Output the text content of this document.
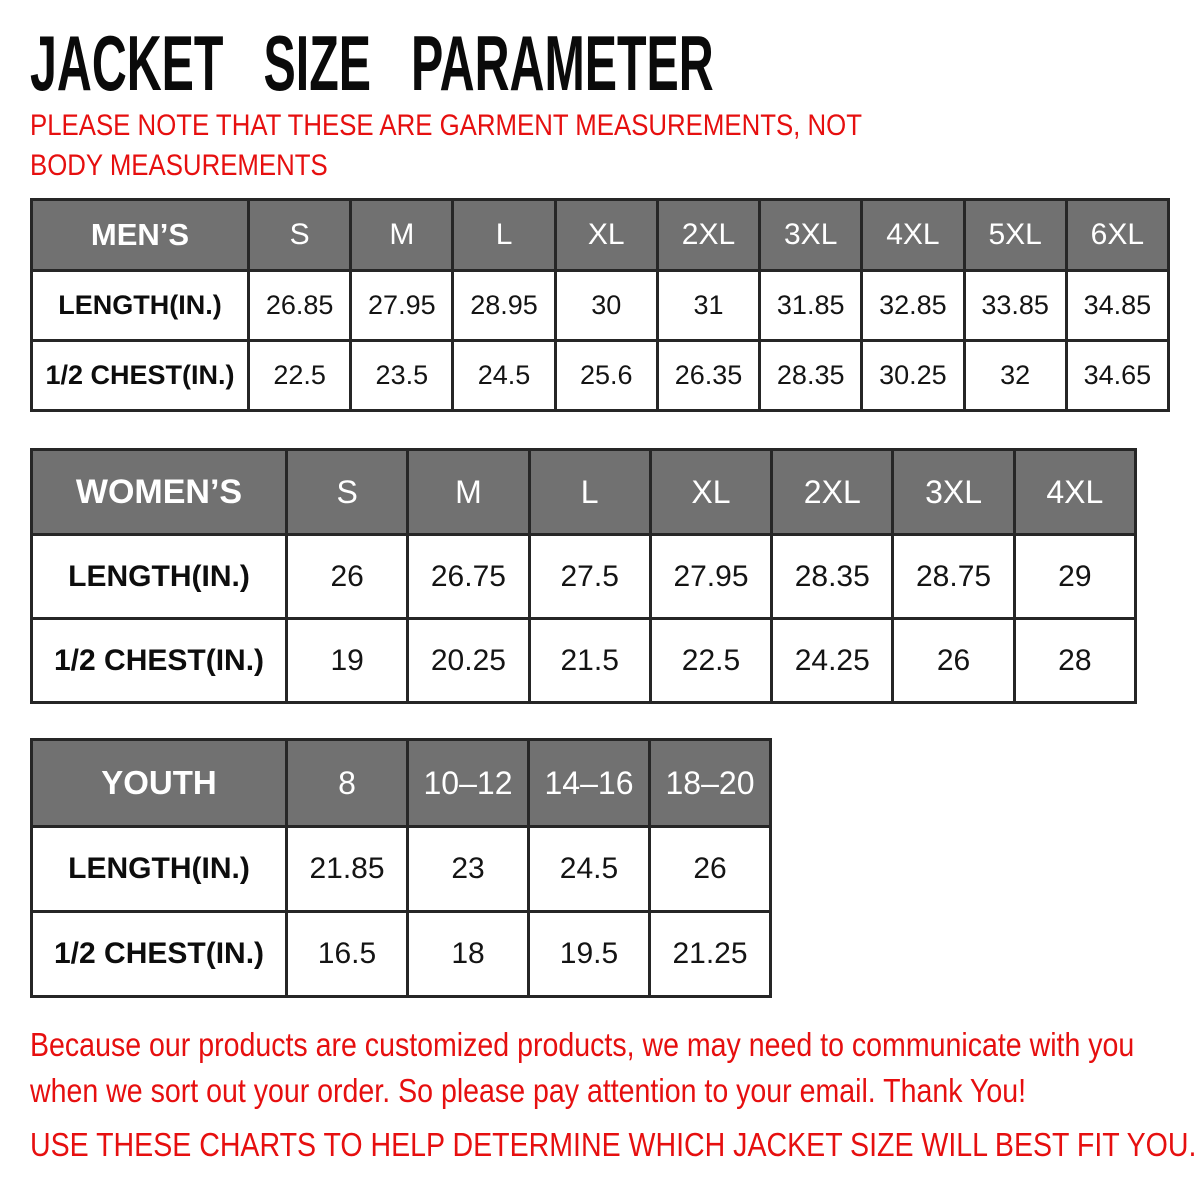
JACKET SIZE PARAMETER
PLEASE NOTE THAT THESE ARE GARMENT MEASUREMENTS, NOT BODY MEASUREMENTS
MEN’S	S	M	L	XL	2XL	3XL	4XL	5XL	6XL
LENGTH(IN.)	26.85	27.95	28.95	30	31	31.85	32.85	33.85	34.85
1/2 CHEST(IN.)	22.5	23.5	24.5	25.6	26.35	28.35	30.25	32	34.65
WOMEN’S	S	M	L	XL	2XL	3XL	4XL
LENGTH(IN.)	26	26.75	27.5	27.95	28.35	28.75	29
1/2 CHEST(IN.)	19	20.25	21.5	22.5	24.25	26	28
YOUTH	8	10–12	14–16	18–20
LENGTH(IN.)	21.85	23	24.5	26
1/2 CHEST(IN.)	16.5	18	19.5	21.25
Because our products are customized products, we may need to communicate with you when we sort out your order. So please pay attention to your email. Thank You!
USE THESE CHARTS TO HELP DETERMINE WHICH JACKET SIZE WILL BEST FIT YOU.
